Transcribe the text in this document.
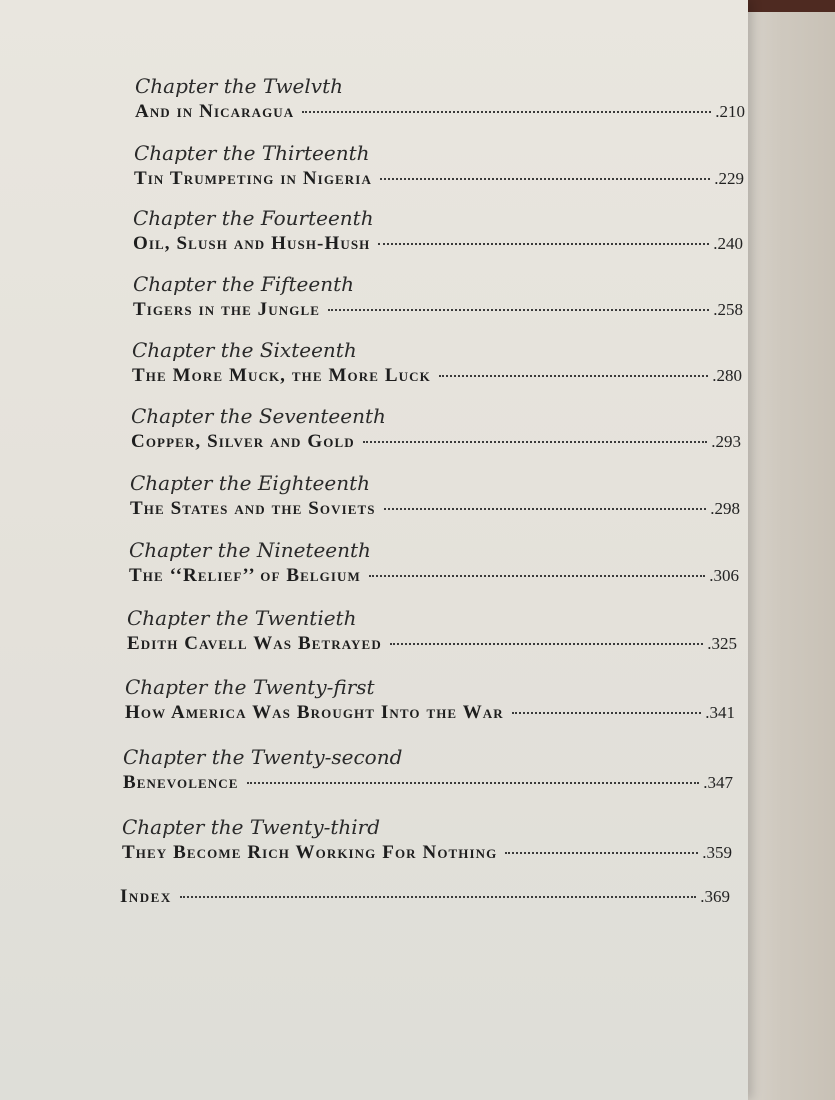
Chapter the Twelvth
And in Nicaragua	.210
Chapter the Thirteenth
Tin Trumpeting in Nigeria	.229
Chapter the Fourteenth
Oil, Slush and Hush-Hush	.240
Chapter the Fifteenth
Tigers in the Jungle	.258
Chapter the Sixteenth
The More Muck, the More Luck	.280
Chapter the Seventeenth
Copper, Silver and Gold	.293
Chapter the Eighteenth
The States and the Soviets	.298
Chapter the Nineteenth
The ‘‘Relief’’ of Belgium	.306
Chapter the Twentieth
Edith Cavell Was Betrayed	.325
Chapter the Twenty-first
How America Was Brought Into the War	.341
Chapter the Twenty-second
Benevolence	.347
Chapter the Twenty-third
They Become Rich Working For Nothing	.359
Index	.369
